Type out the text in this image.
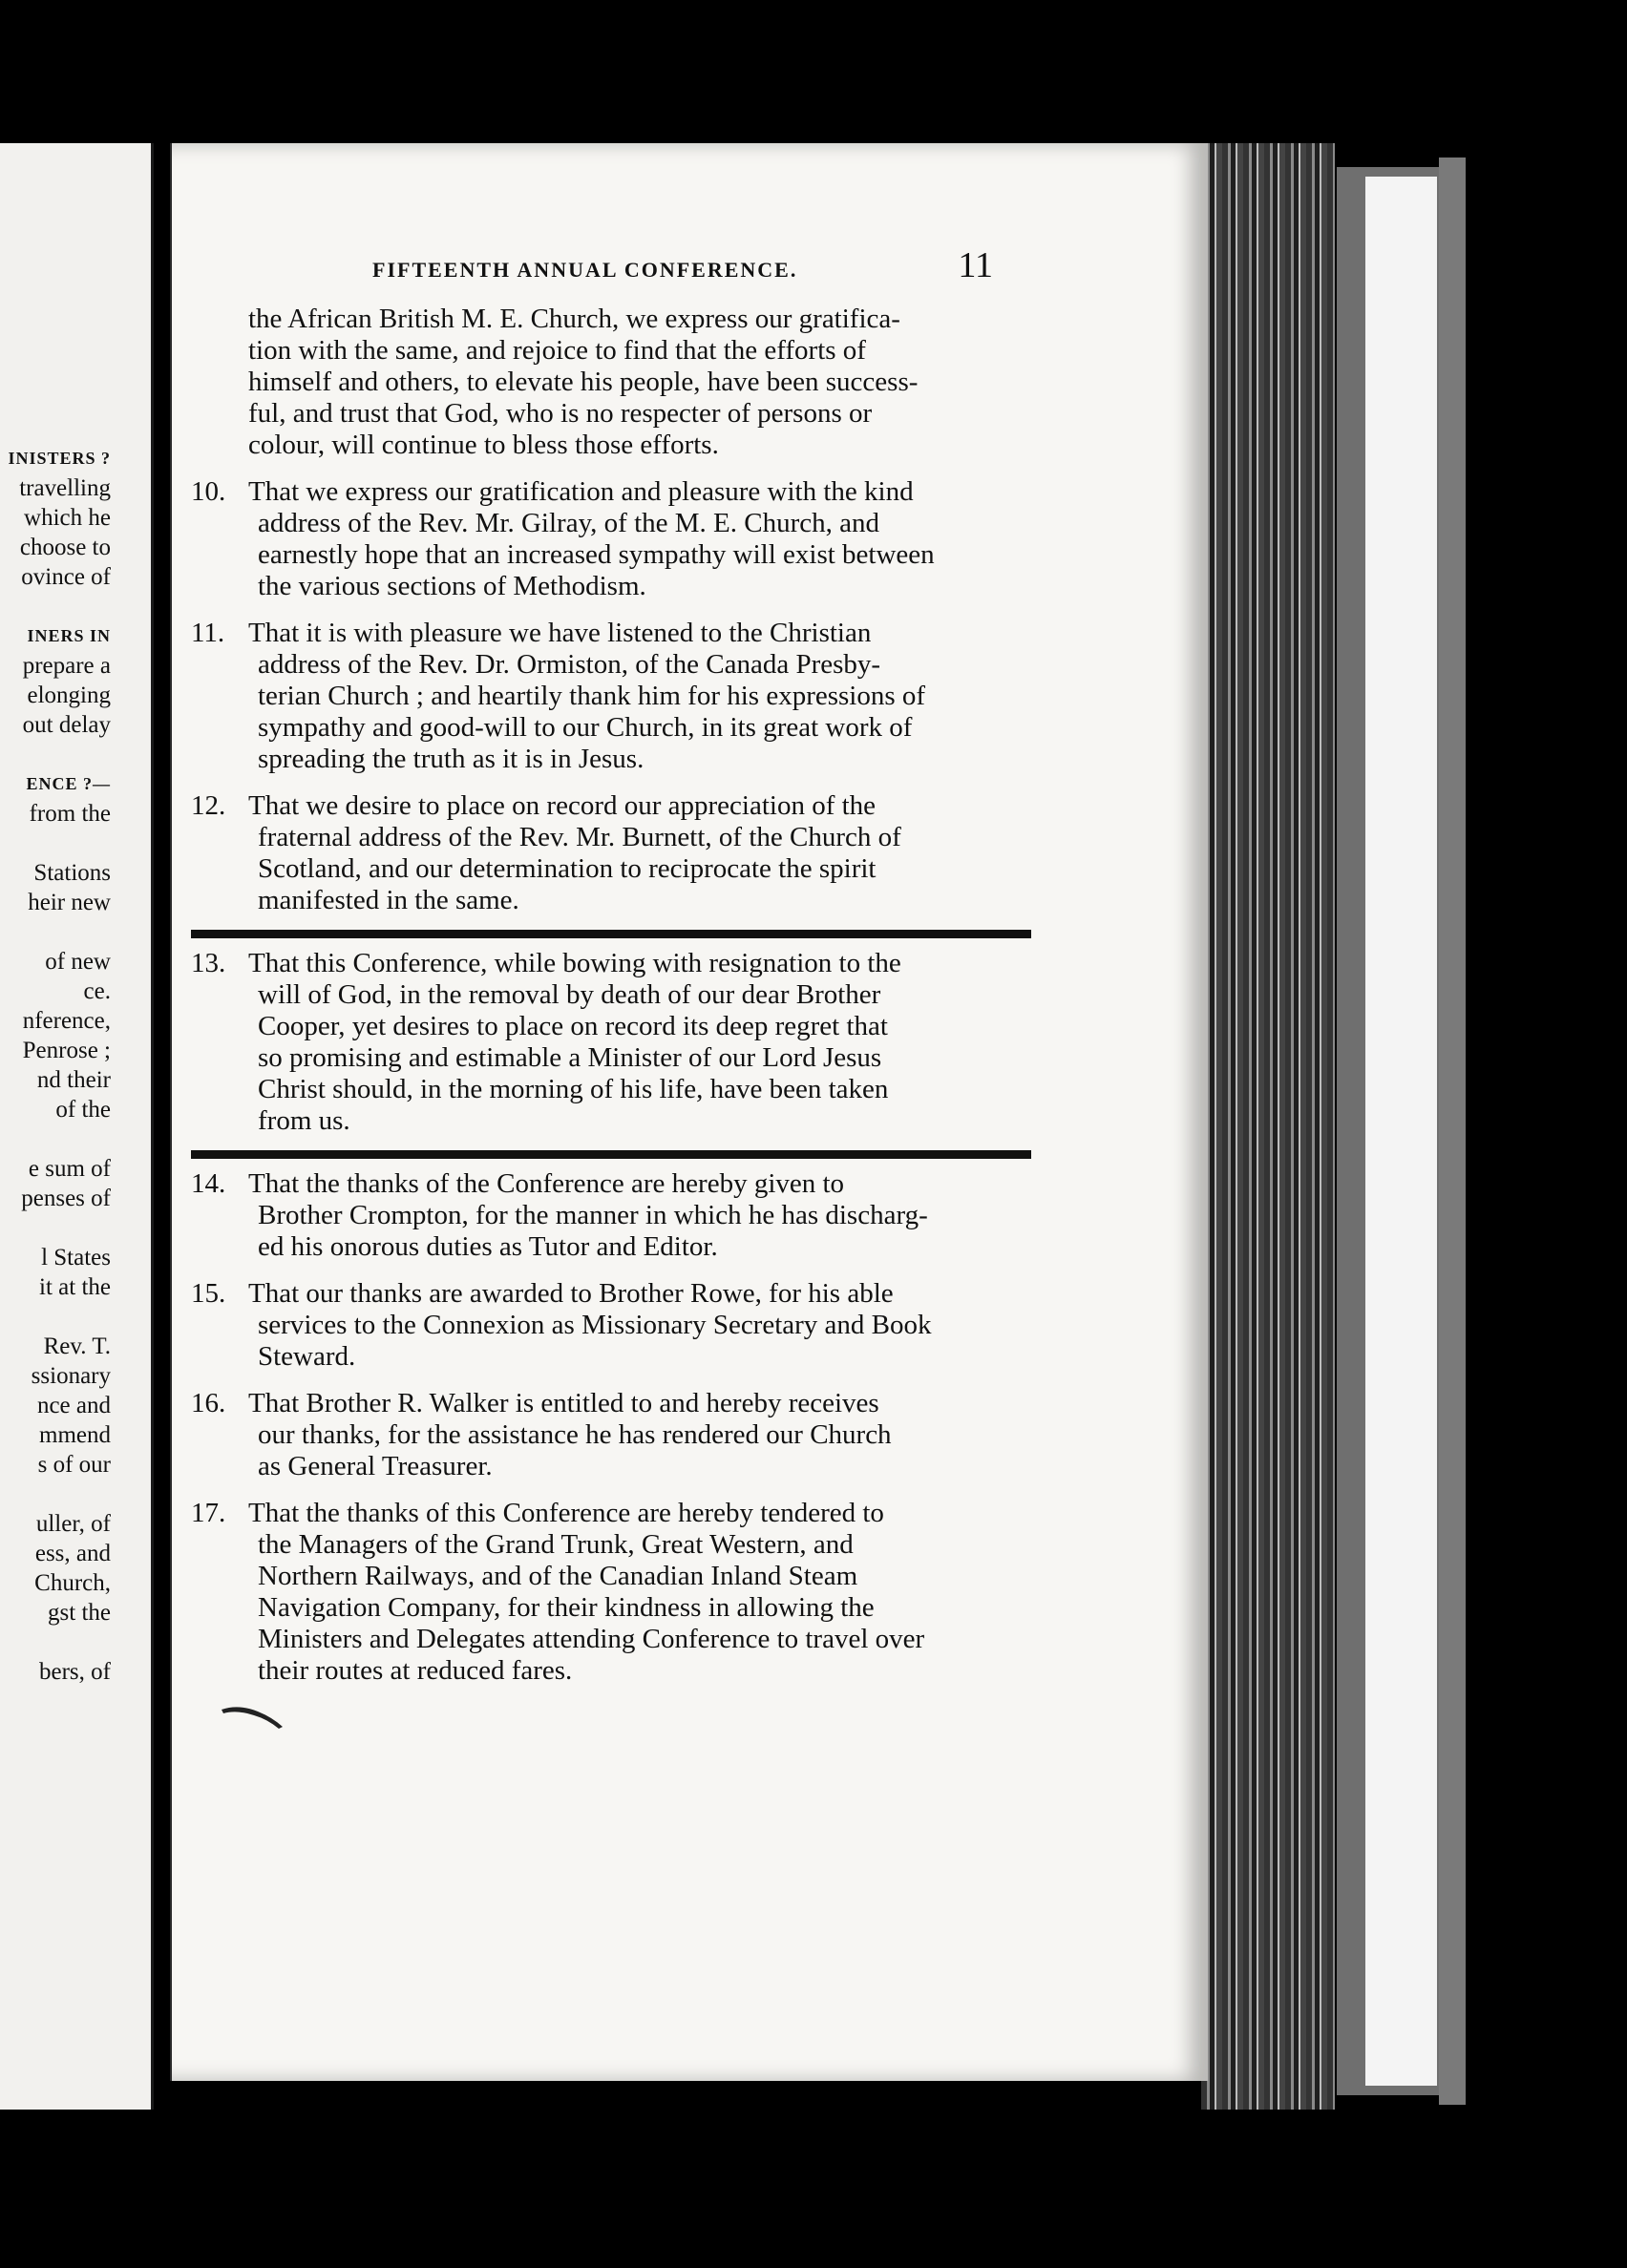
INISTERS ?
travelling
which he
choose to
ovince of

INERS IN
prepare a
elonging
out delay

ENCE ?—
from the

Stations
heir new

of new
ce.
nference,
Penrose ;
nd their
of the

e sum of
penses of

l States
it at the

Rev. T.
ssionary
nce and
mmend
s of our

uller, of
ess, and
Church,
gst the

bers, of
FIFTEENTH ANNUAL CONFERENCE.	11
the African British M. E. Church, we express our gratifica-
tion with the same, and rejoice to find that the efforts of
himself and others, to elevate his people, have been success-
ful, and trust that God, who is no respecter of persons or
colour, will continue to bless those efforts.
10. That we express our gratification and pleasure with the kind
address of the Rev. Mr. Gilray, of the M. E. Church, and
earnestly hope that an increased sympathy will exist between
the various sections of Methodism.
11. That it is with pleasure we have listened to the Christian
address of the Rev. Dr. Ormiston, of the Canada Presby-
terian Church ; and heartily thank him for his expressions of
sympathy and good-will to our Church, in its great work of
spreading the truth as it is in Jesus.
12. That we desire to place on record our appreciation of the
fraternal address of the Rev. Mr. Burnett, of the Church of
Scotland, and our determination to reciprocate the spirit
manifested in the same.
13. That this Conference, while bowing with resignation to the
will of God, in the removal by death of our dear Brother
Cooper, yet desires to place on record its deep regret that
so promising and estimable a Minister of our Lord Jesus
Christ should, in the morning of his life, have been taken
from us.
14. That the thanks of the Conference are hereby given to
Brother Crompton, for the manner in which he has discharg-
ed his onorous duties as Tutor and Editor.
15. That our thanks are awarded to Brother Rowe, for his able
services to the Connexion as Missionary Secretary and Book
Steward.
16. That Brother R. Walker is entitled to and hereby receives
our thanks, for the assistance he has rendered our Church
as General Treasurer.
17. That the thanks of this Conference are hereby tendered to
the Managers of the Grand Trunk, Great Western, and
Northern Railways, and of the Canadian Inland Steam
Navigation Company, for their kindness in allowing the
Ministers and Delegates attending Conference to travel over
their routes at reduced fares.
